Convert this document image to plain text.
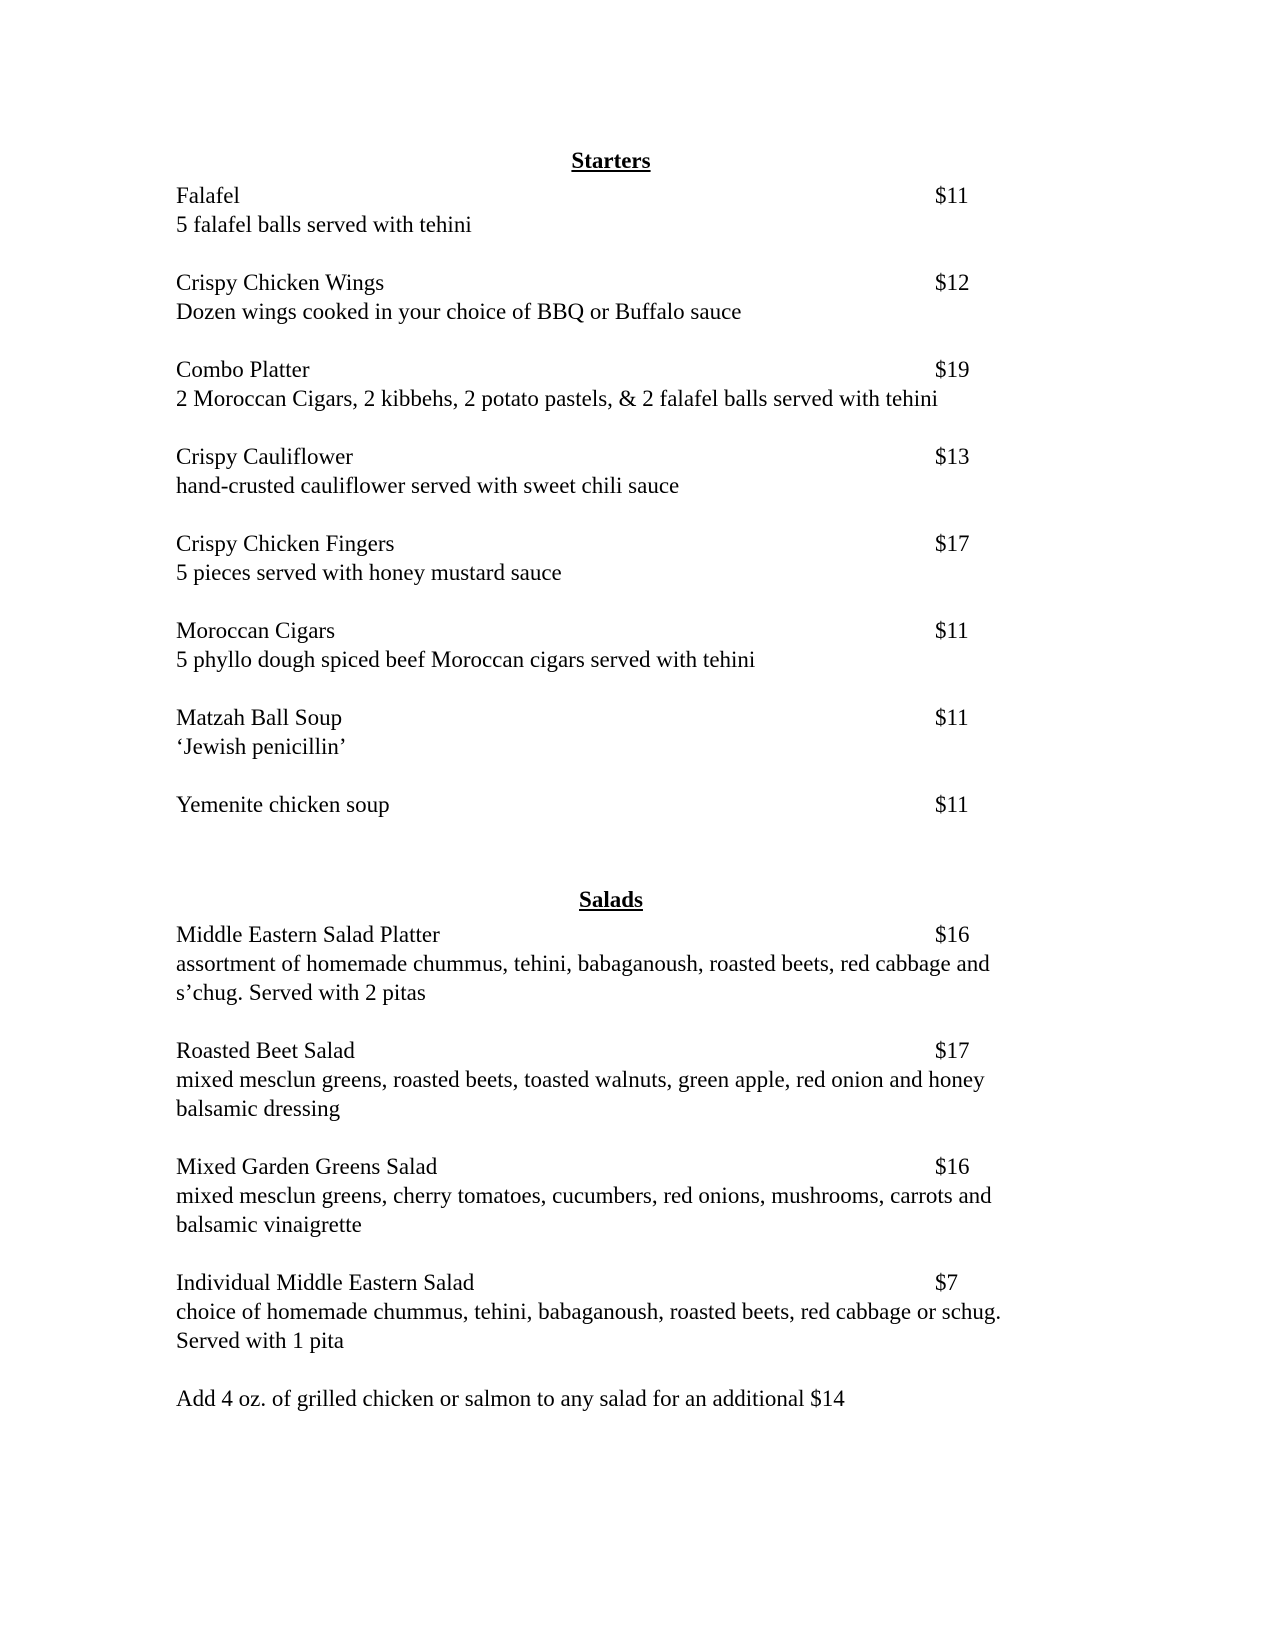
Starters
Falafel	$11
5 falafel balls served with tehini
Crispy Chicken Wings	$12
Dozen wings cooked in your choice of BBQ or Buffalo sauce
Combo Platter	$19
2 Moroccan Cigars, 2 kibbehs, 2 potato pastels, & 2 falafel balls served with tehini
Crispy Cauliflower	$13
hand-crusted cauliflower served with sweet chili sauce
Crispy Chicken Fingers	$17
5 pieces served with honey mustard sauce
Moroccan Cigars	$11
5 phyllo dough spiced beef Moroccan cigars served with tehini
Matzah Ball Soup	$11
‘Jewish penicillin’
Yemenite chicken soup	$11
Salads
Middle Eastern Salad Platter	$16
assortment of homemade chummus, tehini, babaganoush, roasted beets, red cabbage and
s’chug. Served with 2 pitas
Roasted Beet Salad	$17
mixed mesclun greens, roasted beets, toasted walnuts, green apple, red onion and honey
balsamic dressing
Mixed Garden Greens Salad	$16
mixed mesclun greens, cherry tomatoes, cucumbers, red onions, mushrooms, carrots and
balsamic vinaigrette
Individual Middle Eastern Salad	$7
choice of homemade chummus, tehini, babaganoush, roasted beets, red cabbage or schug.
Served with 1 pita

Add 4 oz. of grilled chicken or salmon to any salad for an additional $14
